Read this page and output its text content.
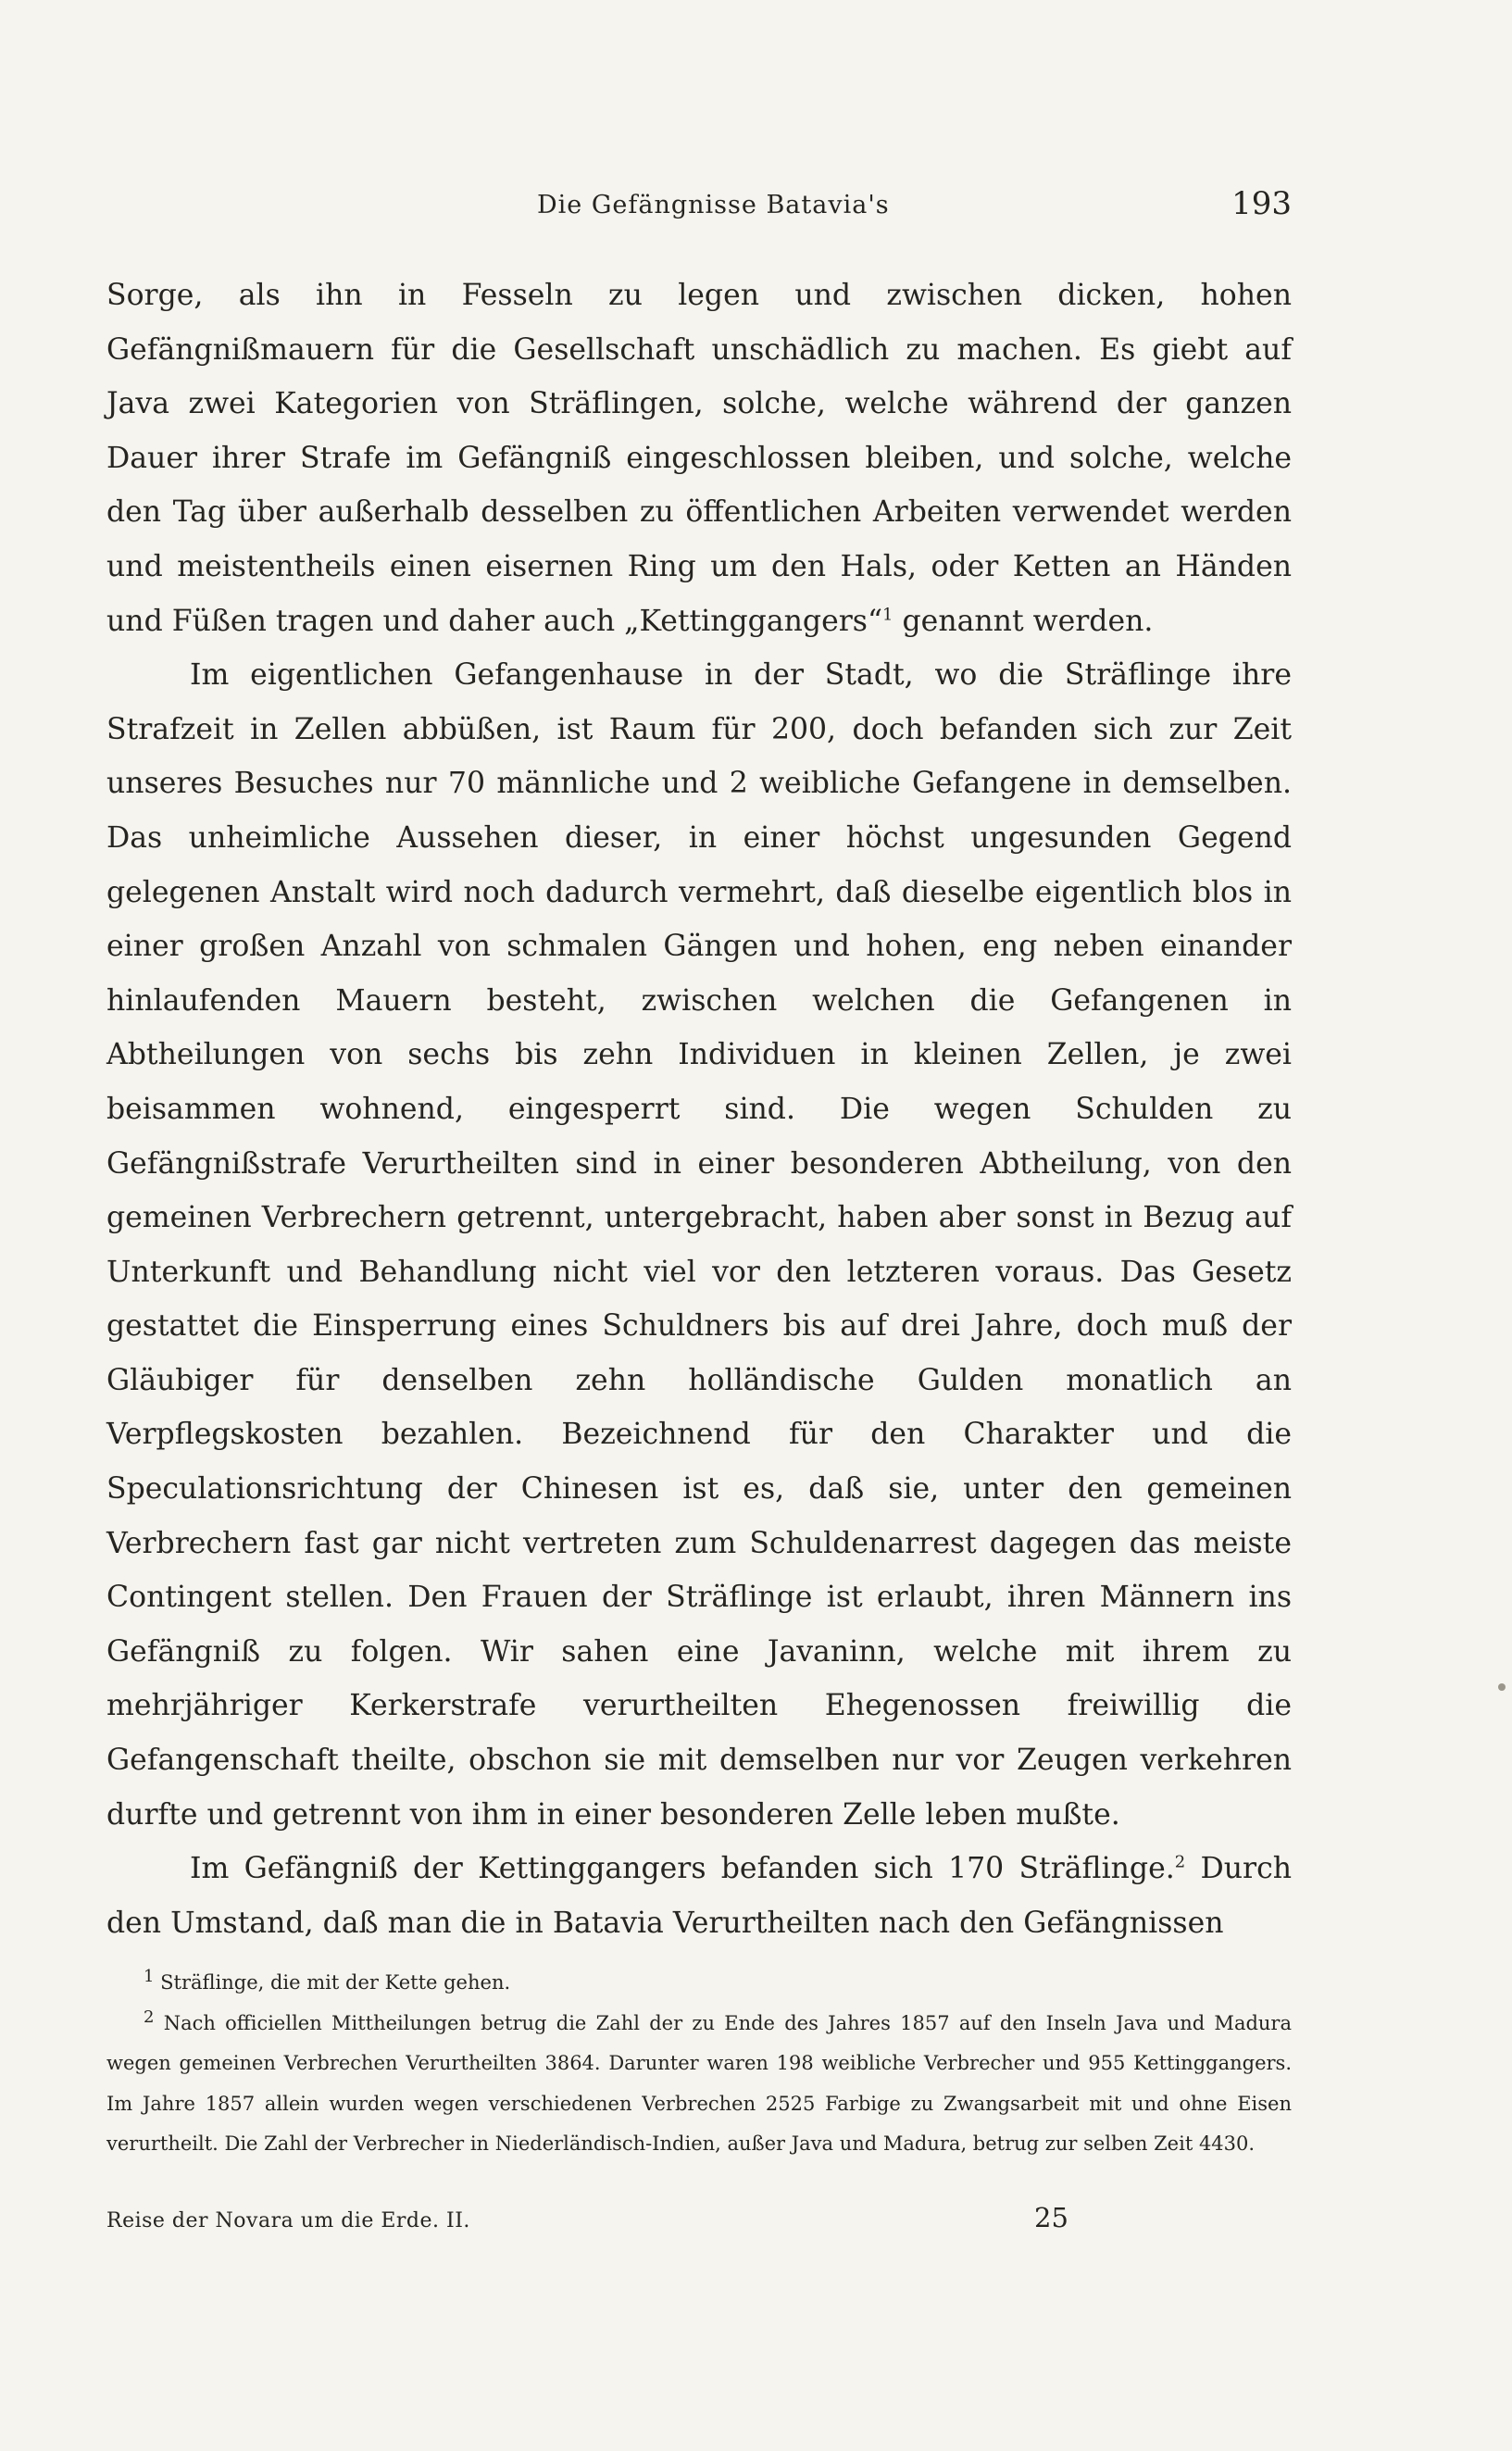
Die Gefängnisse Batavia's	193

Sorge, als ihn in Fesseln zu legen und zwischen dicken, hohen Gefängnißmauern für die Gesellschaft unschädlich zu machen. Es giebt auf Java zwei Kategorien von Sträflingen, solche, welche während der ganzen Dauer ihrer Strafe im Gefängniß eingeschlossen bleiben, und solche, welche den Tag über außerhalb desselben zu öffentlichen Arbeiten verwendet werden und meistentheils einen eisernen Ring um den Hals, oder Ketten an Händen und Füßen tragen und daher auch „Kettinggangers“$^1$ genannt werden.

Im eigentlichen Gefangenhause in der Stadt, wo die Sträflinge ihre Strafzeit in Zellen abbüßen, ist Raum für 200, doch befanden sich zur Zeit unseres Besuches nur 70 männliche und 2 weibliche Gefangene in demselben. Das unheimliche Aussehen dieser, in einer höchst ungesunden Gegend gelegenen Anstalt wird noch dadurch vermehrt, daß dieselbe eigentlich blos in einer großen Anzahl von schmalen Gängen und hohen, eng neben einander hinlaufenden Mauern besteht, zwischen welchen die Gefangenen in Abtheilungen von sechs bis zehn Individuen in kleinen Zellen, je zwei beisammen wohnend, eingesperrt sind. Die wegen Schulden zu Gefängnißstrafe Verurtheilten sind in einer besonderen Abtheilung, von den gemeinen Verbrechern getrennt, untergebracht, haben aber sonst in Bezug auf Unterkunft und Behandlung nicht viel vor den letzteren voraus. Das Gesetz gestattet die Einsperrung eines Schuldners bis auf drei Jahre, doch muß der Gläubiger für denselben zehn holländische Gulden monatlich an Verpflegskosten bezahlen. Bezeichnend für den Charakter und die Speculationsrichtung der Chinesen ist es, daß sie, unter den gemeinen Verbrechern fast gar nicht vertreten zum Schuldenarrest dagegen das meiste Contingent stellen. Den Frauen der Sträflinge ist erlaubt, ihren Männern ins Gefängniß zu folgen. Wir sahen eine Javaninn, welche mit ihrem zu mehrjähriger Kerkerstrafe verurtheilten Ehegenossen freiwillig die Gefangenschaft theilte, obschon sie mit demselben nur vor Zeugen verkehren durfte und getrennt von ihm in einer besonderen Zelle leben mußte.

Im Gefängniß der Kettinggangers befanden sich 170 Sträflinge.$^2$ Durch den Umstand, daß man die in Batavia Verurtheilten nach den Gefängnissen

$^1$ Sträflinge, die mit der Kette gehen.

$^2$ Nach officiellen Mittheilungen betrug die Zahl der zu Ende des Jahres 1857 auf den Inseln Java und Madura wegen gemeinen Verbrechen Verurtheilten 3864. Darunter waren 198 weibliche Verbrecher und 955 Kettinggangers. Im Jahre 1857 allein wurden wegen verschiedenen Verbrechen 2525 Farbige zu Zwangsarbeit mit und ohne Eisen verurtheilt. Die Zahl der Verbrecher in Niederländisch-Indien, außer Java und Madura, betrug zur selben Zeit 4430.

Reise der Novara um die Erde. II.	25
